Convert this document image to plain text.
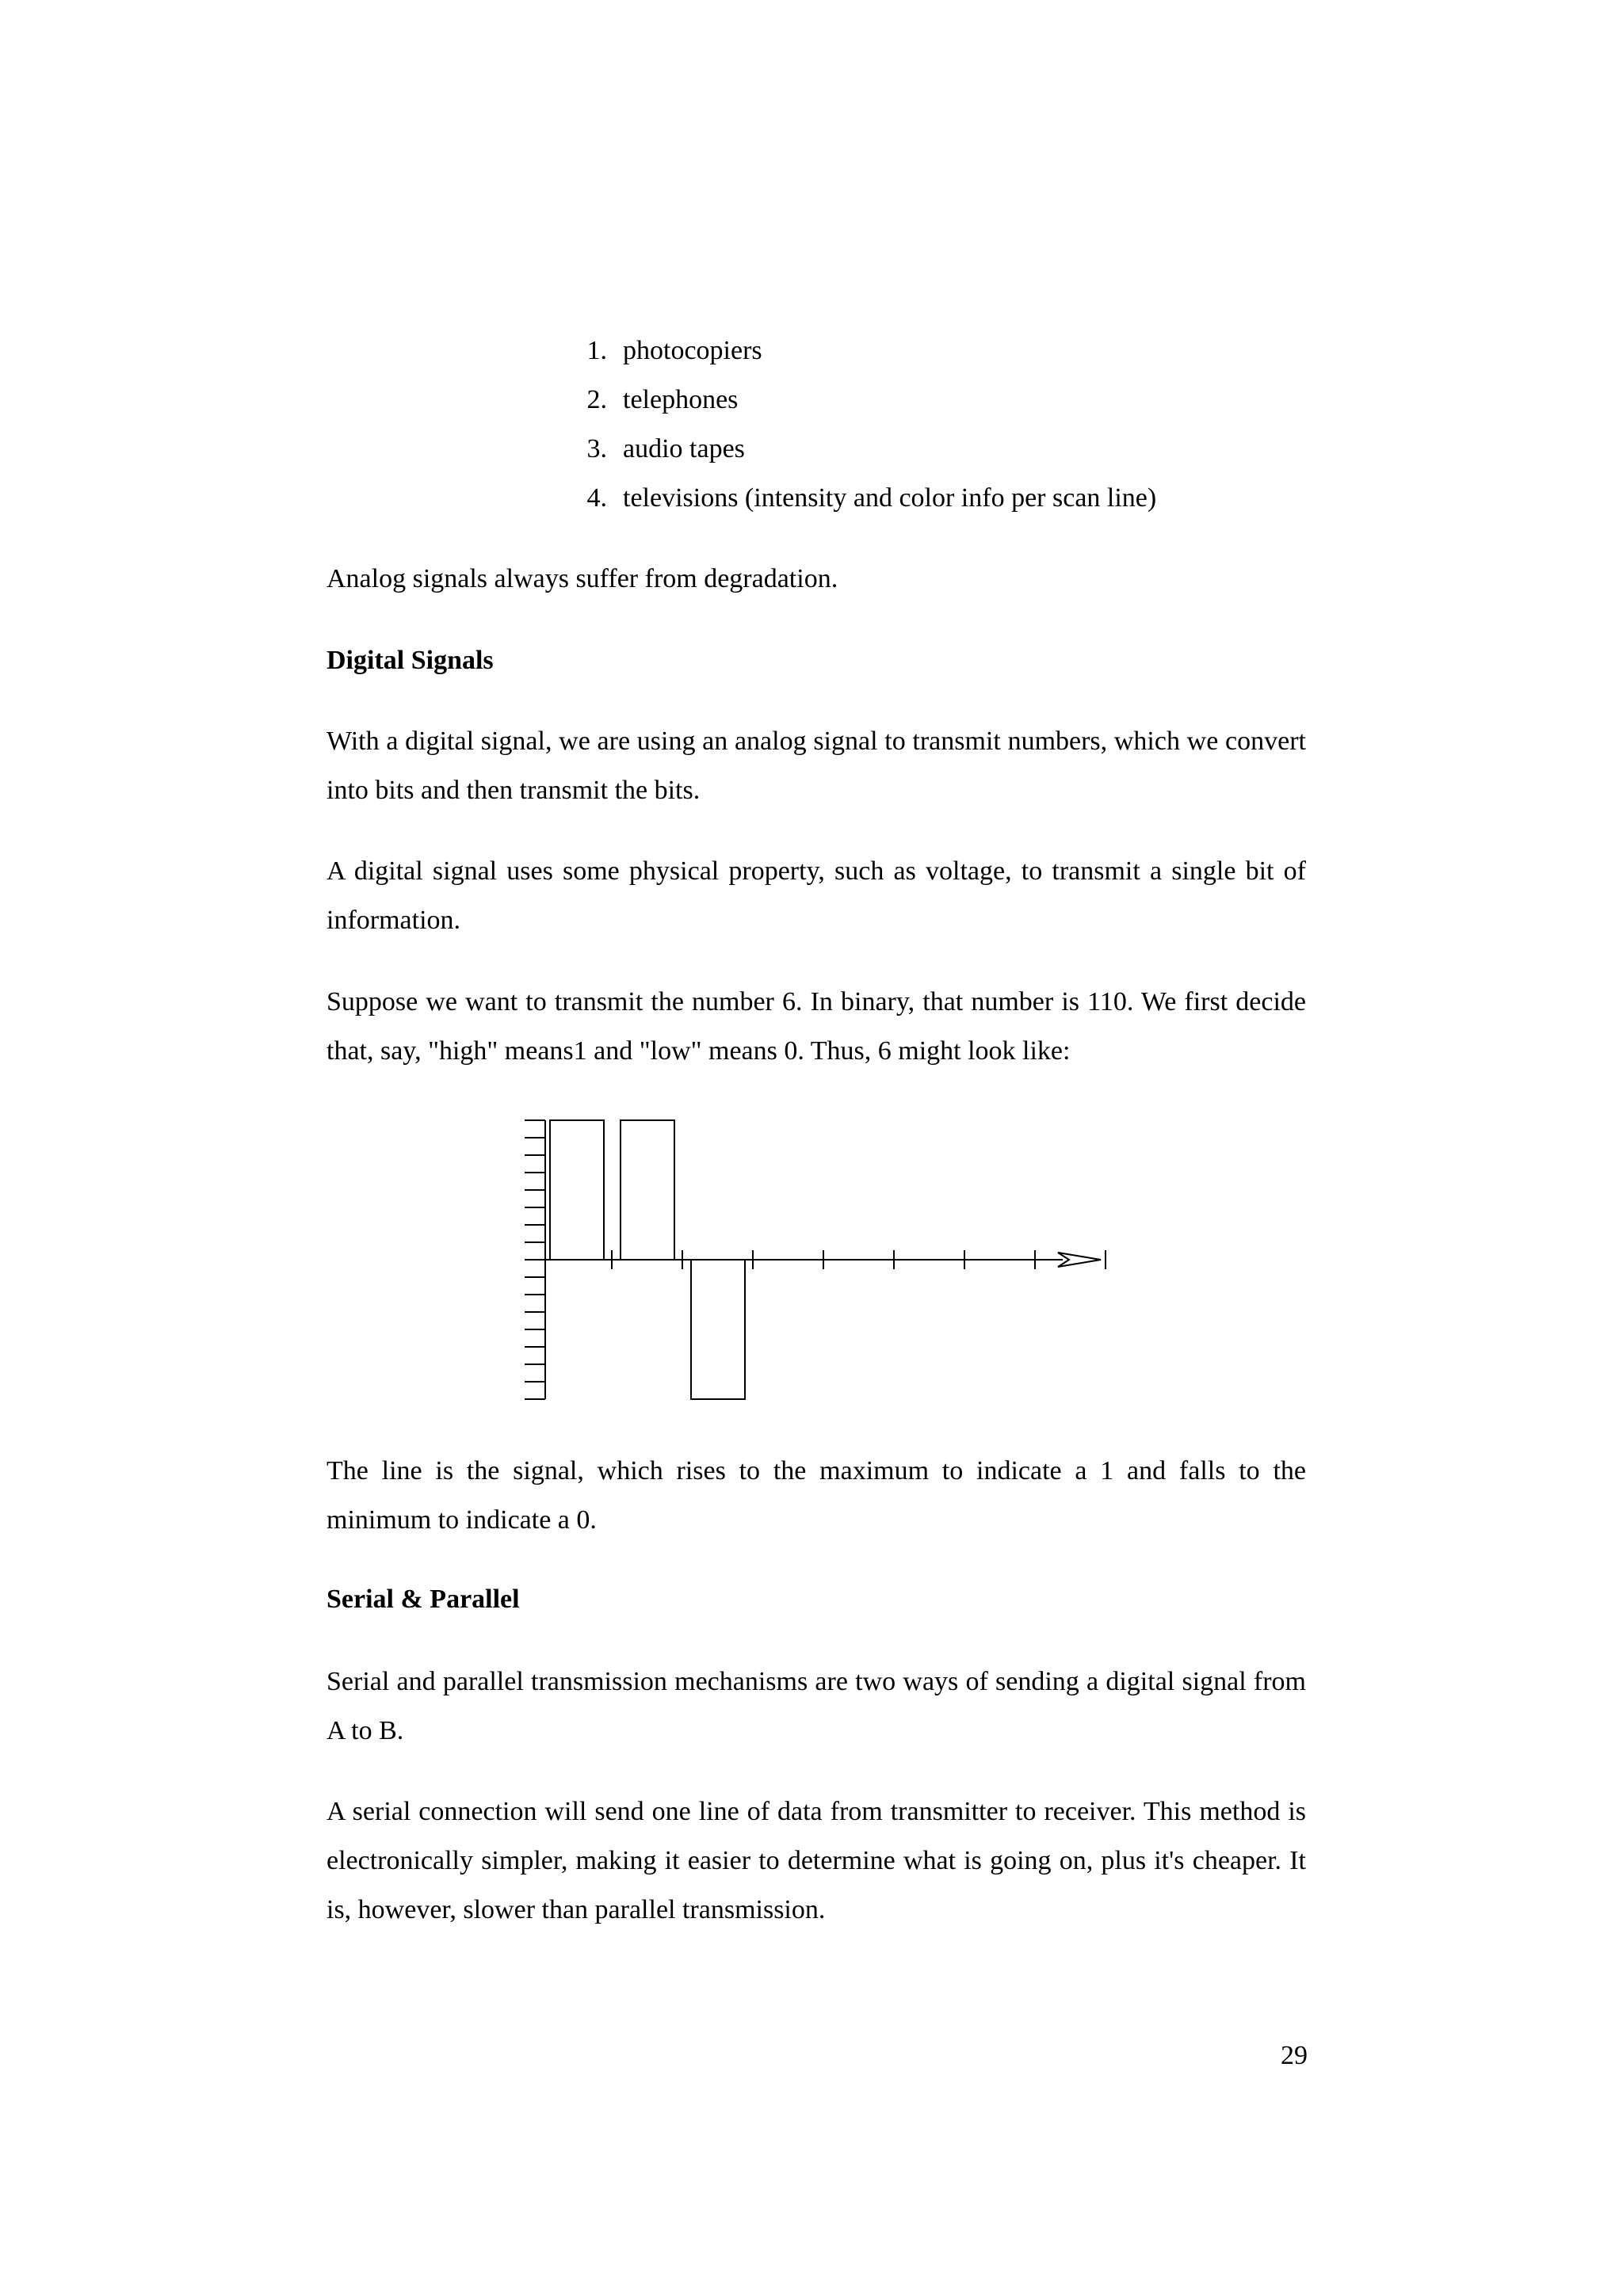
1. photocopiers
2. telephones
3. audio tapes
4. televisions (intensity and color info per scan line)

Analog signals always suffer from degradation.

Digital Signals

With a digital signal, we are using an analog signal to transmit numbers, which we convert into bits and then transmit the bits.

A digital signal uses some physical property, such as voltage, to transmit a single bit of information.

Suppose we want to transmit the number 6. In binary, that number is 110. We first decide that, say, "high" means1 and "low" means 0. Thus, 6 might look like:

The line is the signal, which rises to the maximum to indicate a 1 and falls to the minimum to indicate a 0.

Serial & Parallel

Serial and parallel transmission mechanisms are two ways of sending a digital signal from A to B.

A serial connection will send one line of data from transmitter to receiver. This method is electronically simpler, making it easier to determine what is going on, plus it's cheaper. It is, however, slower than parallel transmission.

29
